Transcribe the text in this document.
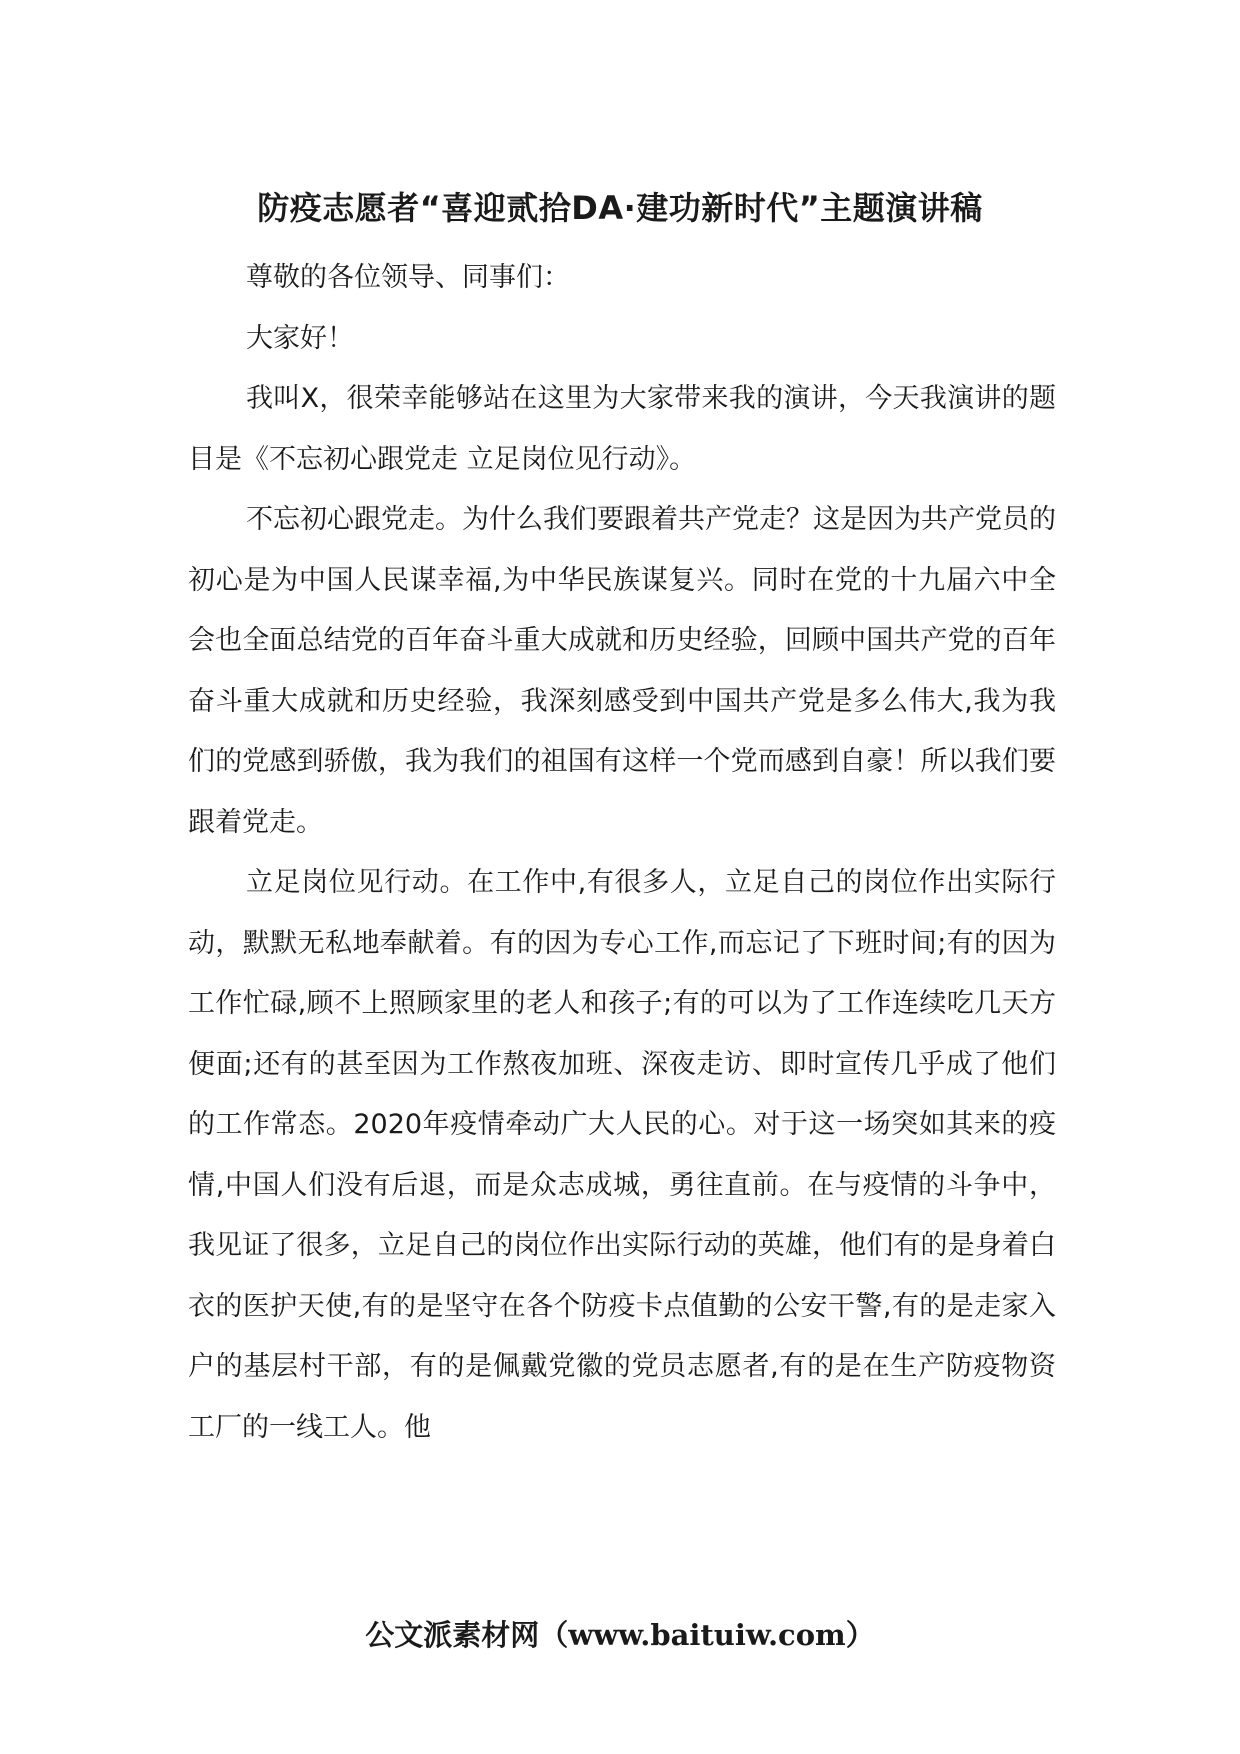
防疫志愿者“喜迎贰拾DA·建功新时代”主题演讲稿

尊敬的各位领导、同事们：

大家好！

我叫X，很荣幸能够站在这里为大家带来我的演讲，今天我演讲的题目是《不忘初心跟党走 立足岗位见行动》。

不忘初心跟党走。为什么我们要跟着共产党走？这是因为共产党员的初心是为中国人民谋幸福,为中华民族谋复兴。同时在党的十九届六中全会也全面总结党的百年奋斗重大成就和历史经验，回顾中国共产党的百年奋斗重大成就和历史经验，我深刻感受到中国共产党是多么伟大,我为我们的党感到骄傲，我为我们的祖国有这样一个党而感到自豪！所以我们要跟着党走。

立足岗位见行动。在工作中,有很多人，立足自己的岗位作出实际行动，默默无私地奉献着。有的因为专心工作,而忘记了下班时间;有的因为工作忙碌,顾不上照顾家里的老人和孩子;有的可以为了工作连续吃几天方便面;还有的甚至因为工作熬夜加班、深夜走访、即时宣传几乎成了他们的工作常态。2020年疫情牵动广大人民的心。对于这一场突如其来的疫情,中国人们没有后退，而是众志成城，勇往直前。在与疫情的斗争中，我见证了很多，立足自己的岗位作出实际行动的英雄，他们有的是身着白衣的医护天使,有的是坚守在各个防疫卡点值勤的公安干警,有的是走家入户的基层村干部，有的是佩戴党徽的党员志愿者,有的是在生产防疫物资工厂的一线工人。他

公文派素材网（www.baituiw.com）
